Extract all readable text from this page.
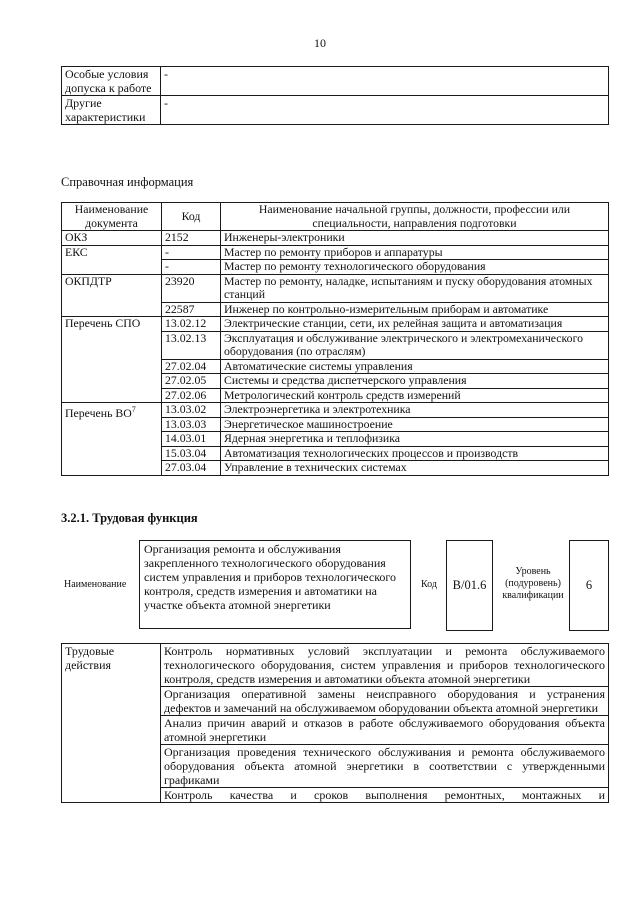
10
Особые условия допуска к работе	-
Другие характеристики	-
Справочная информация
Наименование документа	Код	Наименование начальной группы, должности, профессии или специальности, направления подготовки
ОКЗ	2152	Инженеры-электроники
ЕКС	-	Мастер по ремонту приборов и аппаратуры
	-	Мастер по ремонту технологического оборудования
ОКПДТР	23920	Мастер по ремонту, наладке, испытаниям и пуску оборудования атомных станций
	22587	Инженер по контрольно-измерительным приборам и автоматике
Перечень СПО	13.02.12	Электрические станции, сети, их релейная защита и автоматизация
	13.02.13	Эксплуатация и обслуживание электрического и электромеханического оборудования (по отраслям)
	27.02.04	Автоматические системы управления
	27.02.05	Системы и средства диспетчерского управления
	27.02.06	Метрологический контроль средств измерений
Перечень $ВО^7$	13.03.02	Электроэнергетика и электротехника
	13.03.03	Энергетическое машиностроение
	14.03.01	Ядерная энергетика и теплофизика
	15.03.04	Автоматизация технологических процессов и производств
	27.03.04	Управление в технических системах
3.2.1. Трудовая функция
Наименование
Организация ремонта и обслуживания закрепленного технологического оборудования систем управления и приборов технологического контроля, средств измерения и автоматики на участке объекта атомной энергетики
Код	B/01.6
Уровень (подуровень) квалификации
6
Трудовые действия	Контроль нормативных условий эксплуатации и ремонта обслуживаемого технологического оборудования, систем управления и приборов технологического контроля, средств измерения и автоматики объекта атомной энергетики
Организация оперативной замены неисправного оборудования и устранения дефектов и замечаний на обслуживаемом оборудовании объекта атомной энергетики
Анализ причин аварий и отказов в работе обслуживаемого оборудования объекта атомной энергетики
Организация проведения технического обслуживания и ремонта обслуживаемого оборудования объекта атомной энергетики в соответствии с утвержденными графиками
Контроль качества и сроков выполнения ремонтных, монтажных и
